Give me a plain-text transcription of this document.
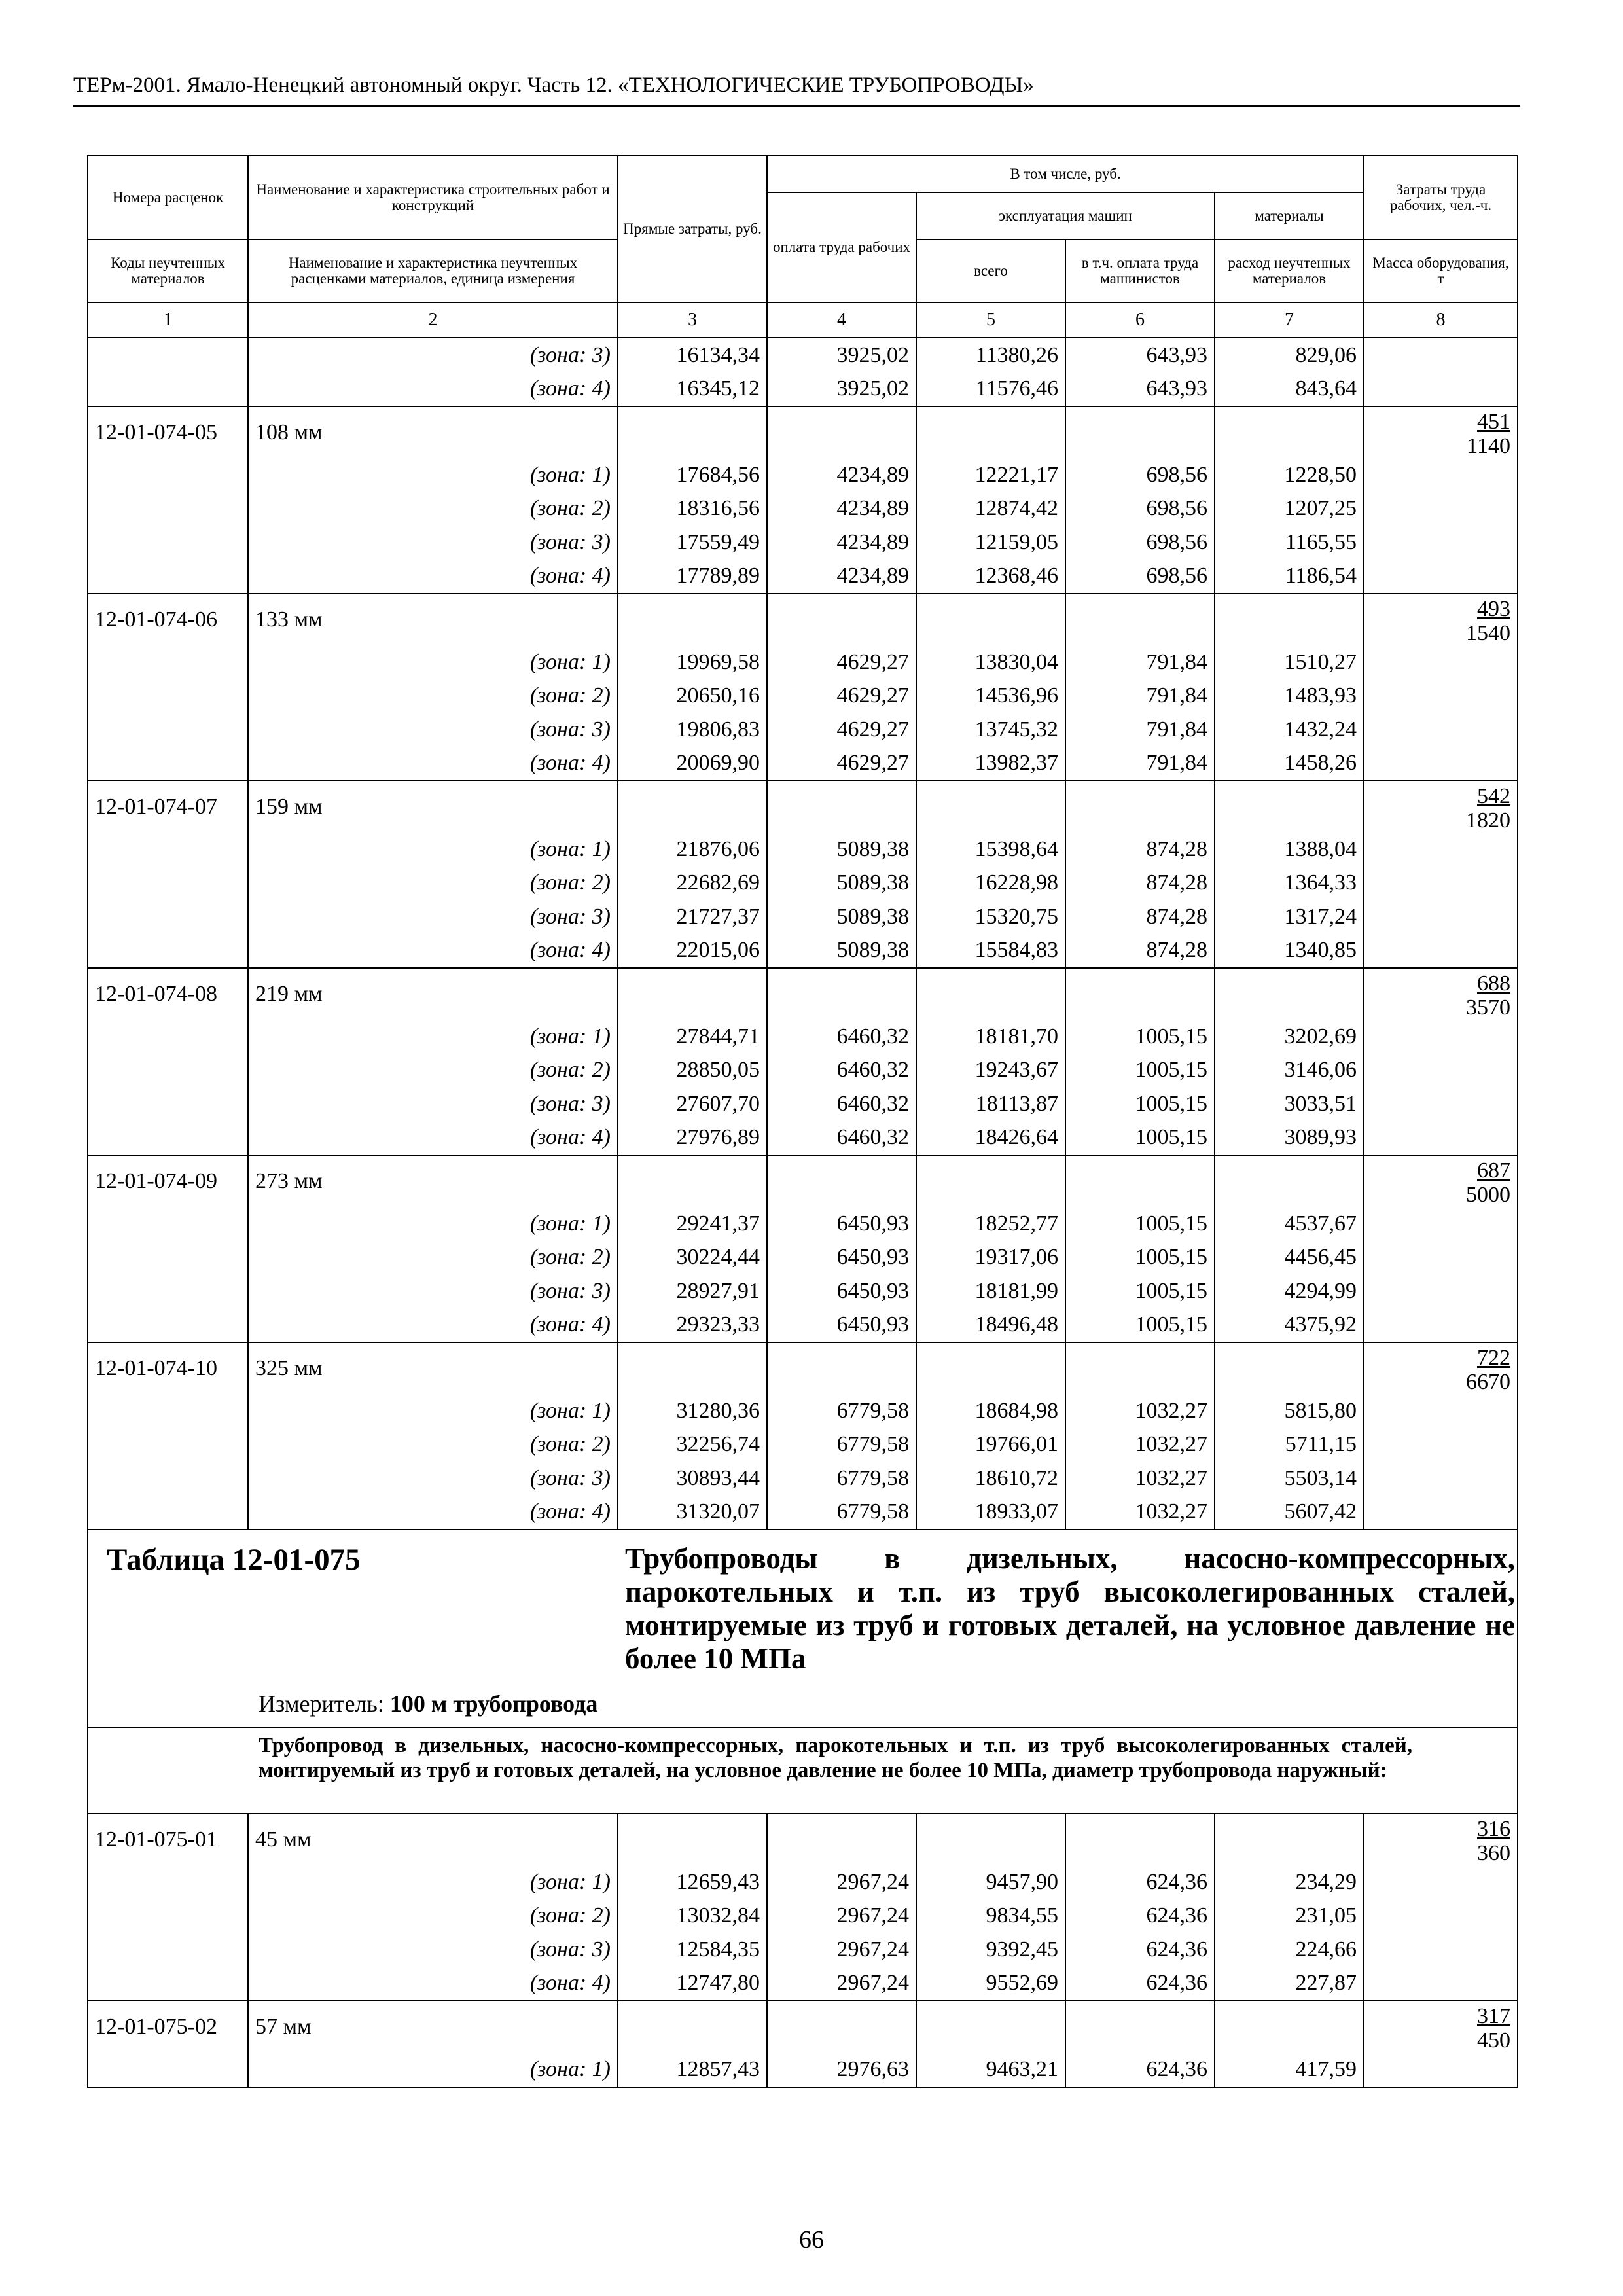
ТЕРм-2001. Ямало-Ненецкий автономный округ. Часть 12. «ТЕХНОЛОГИЧЕСКИЕ ТРУБОПРОВОДЫ»
Номера расценок	Наименование и характеристика строительных работ и конструкций	Прямые затраты, руб.	В том числе, руб.				Затраты труда рабочих, чел.-ч.
			оплата труда рабочих	эксплуатация машин		материалы	

Коды неучтенных материалов	Наименование и характеристика неучтенных расценками материалов, единица измерения			всего	в т.ч. оплата труда машинистов	расход неучтенных материалов	Масса оборудования, т

1	2	3	4	5	6	7	8
	(зона: 3)	16134,34	3925,02	11380,26	643,93	829,06	
	(зона: 4)	16345,12	3925,02	11576,46	643,93	843,64	
12-01-074-05	108 мм						451
1140

	(зона: 1)	17684,56	4234,89	12221,17	698,56	1228,50	
	(зона: 2)	18316,56	4234,89	12874,42	698,56	1207,25	
	(зона: 3)	17559,49	4234,89	12159,05	698,56	1165,55	
	(зона: 4)	17789,89	4234,89	12368,46	698,56	1186,54	
12-01-074-06	133 мм						493
1540

	(зона: 1)	19969,58	4629,27	13830,04	791,84	1510,27	
	(зона: 2)	20650,16	4629,27	14536,96	791,84	1483,93	
	(зона: 3)	19806,83	4629,27	13745,32	791,84	1432,24	
	(зона: 4)	20069,90	4629,27	13982,37	791,84	1458,26	
12-01-074-07	159 мм						542
1820

	(зона: 1)	21876,06	5089,38	15398,64	874,28	1388,04	
	(зона: 2)	22682,69	5089,38	16228,98	874,28	1364,33	
	(зона: 3)	21727,37	5089,38	15320,75	874,28	1317,24	
	(зона: 4)	22015,06	5089,38	15584,83	874,28	1340,85	
12-01-074-08	219 мм						688
3570

	(зона: 1)	27844,71	6460,32	18181,70	1005,15	3202,69	
	(зона: 2)	28850,05	6460,32	19243,67	1005,15	3146,06	
	(зона: 3)	27607,70	6460,32	18113,87	1005,15	3033,51	
	(зона: 4)	27976,89	6460,32	18426,64	1005,15	3089,93	
12-01-074-09	273 мм						687
5000

	(зона: 1)	29241,37	6450,93	18252,77	1005,15	4537,67	
	(зона: 2)	30224,44	6450,93	19317,06	1005,15	4456,45	
	(зона: 3)	28927,91	6450,93	18181,99	1005,15	4294,99	
	(зона: 4)	29323,33	6450,93	18496,48	1005,15	4375,92	
12-01-074-10	325 мм						722
6670

	(зона: 1)	31280,36	6779,58	18684,98	1032,27	5815,80	
	(зона: 2)	32256,74	6779,58	19766,01	1032,27	5711,15	
	(зона: 3)	30893,44	6779,58	18610,72	1032,27	5503,14	
	(зона: 4)	31320,07	6779,58	18933,07	1032,27	5607,42	

Таблица 12-01-075 Трубопроводы в дизельных, насосно-компрессорных, парокотельных и т.п. из труб высоколегированных сталей, монтируемые из труб и готовых деталей, на условное давление не более 10 МПа
Измеритель: 100 м трубопровода							

Трубопровод в дизельных, насосно-компрессорных, парокотельных и т.п. из труб высоколегированных сталей, монтируемый из труб и готовых деталей, на условное давление не более 10 МПа, диаметр трубопровода наружный:							

12-01-075-01	45 мм						316
360

	(зона: 1)	12659,43	2967,24	9457,90	624,36	234,29	
	(зона: 2)	13032,84	2967,24	9834,55	624,36	231,05	
	(зона: 3)	12584,35	2967,24	9392,45	624,36	224,66	
	(зона: 4)	12747,80	2967,24	9552,69	624,36	227,87	
12-01-075-02	57 мм						317
450

	(зона: 1)	12857,43	2976,63	9463,21	624,36	417,59	
66
